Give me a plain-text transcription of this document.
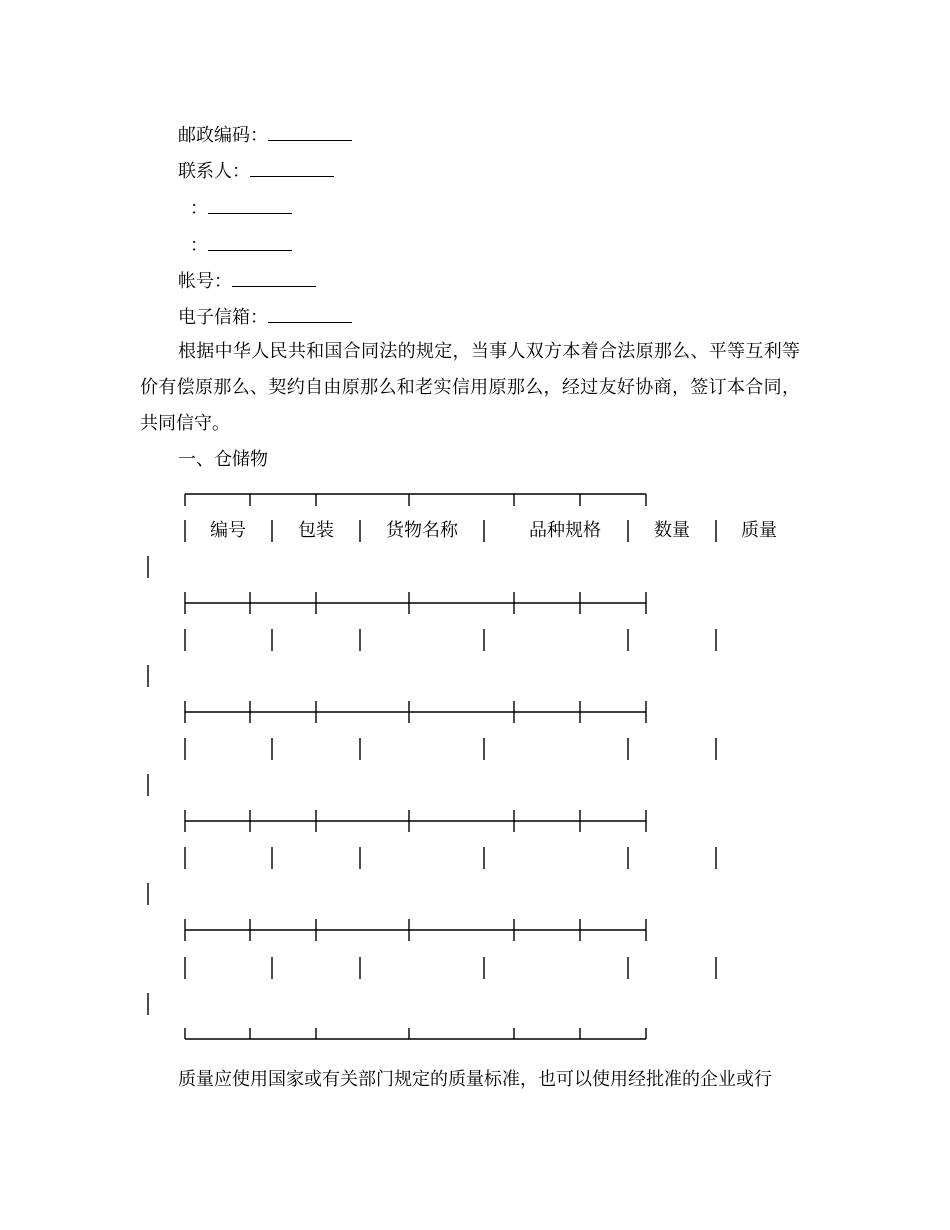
邮政编码：
联系人：
：
：
帐号：
电子信箱：
根据中华人民共和国合同法的规定，当事人双方本着合法原那么、平等互利等价有偿原那么、契约自由原那么和老实信用原那么，经过友好协商，签订本合同，共同信守。
一、仓储物
编号	包装	货物名称	品种规格	数量	质量
质量应使用国家或有关部门规定的质量标准，也可以使用经批准的企业或行
